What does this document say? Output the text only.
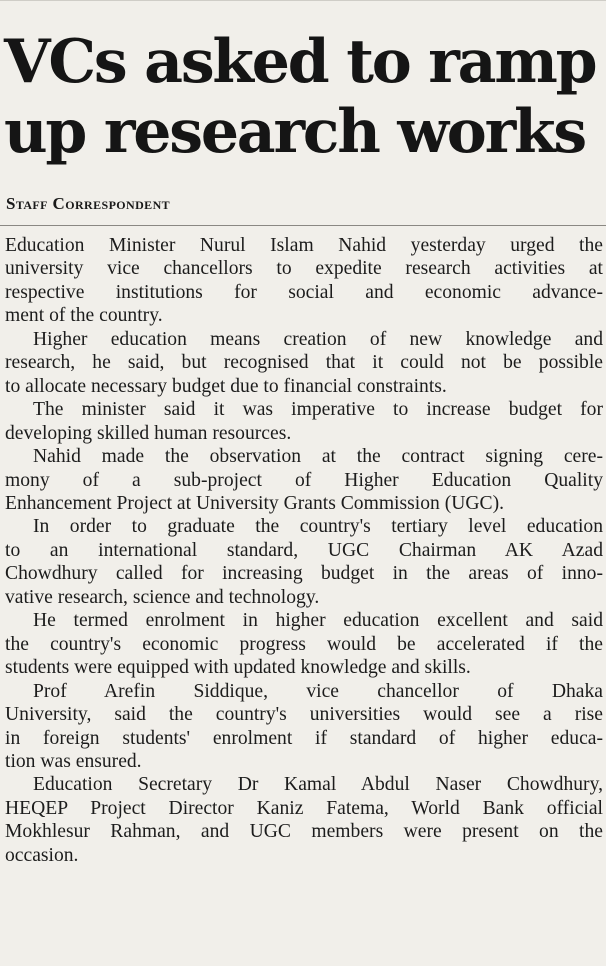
VCs asked to ramp
up research works

Staff Correspondent

Education Minister Nurul Islam Nahid yesterday urged the
university vice chancellors to expedite research activities at
respective institutions for social and economic advance-
ment of the country.

Higher education means creation of new knowledge and
research, he said, but recognised that it could not be possible
to allocate necessary budget due to financial constraints.

The minister said it was imperative to increase budget for
developing skilled human resources.

Nahid made the observation at the contract signing cere-
mony of a sub-project of Higher Education Quality
Enhancement Project at University Grants Commission (UGC).

In order to graduate the country's tertiary level education
to an international standard, UGC Chairman AK Azad
Chowdhury called for increasing budget in the areas of inno-
vative research, science and technology.

He termed enrolment in higher education excellent and said
the country's economic progress would be accelerated if the
students were equipped with updated knowledge and skills.

Prof Arefin Siddique, vice chancellor of Dhaka
University, said the country's universities would see a rise
in foreign students' enrolment if standard of higher educa-
tion was ensured.

Education Secretary Dr Kamal Abdul Naser Chowdhury,
HEQEP Project Director Kaniz Fatema, World Bank official
Mokhlesur Rahman, and UGC members were present on the
occasion.
